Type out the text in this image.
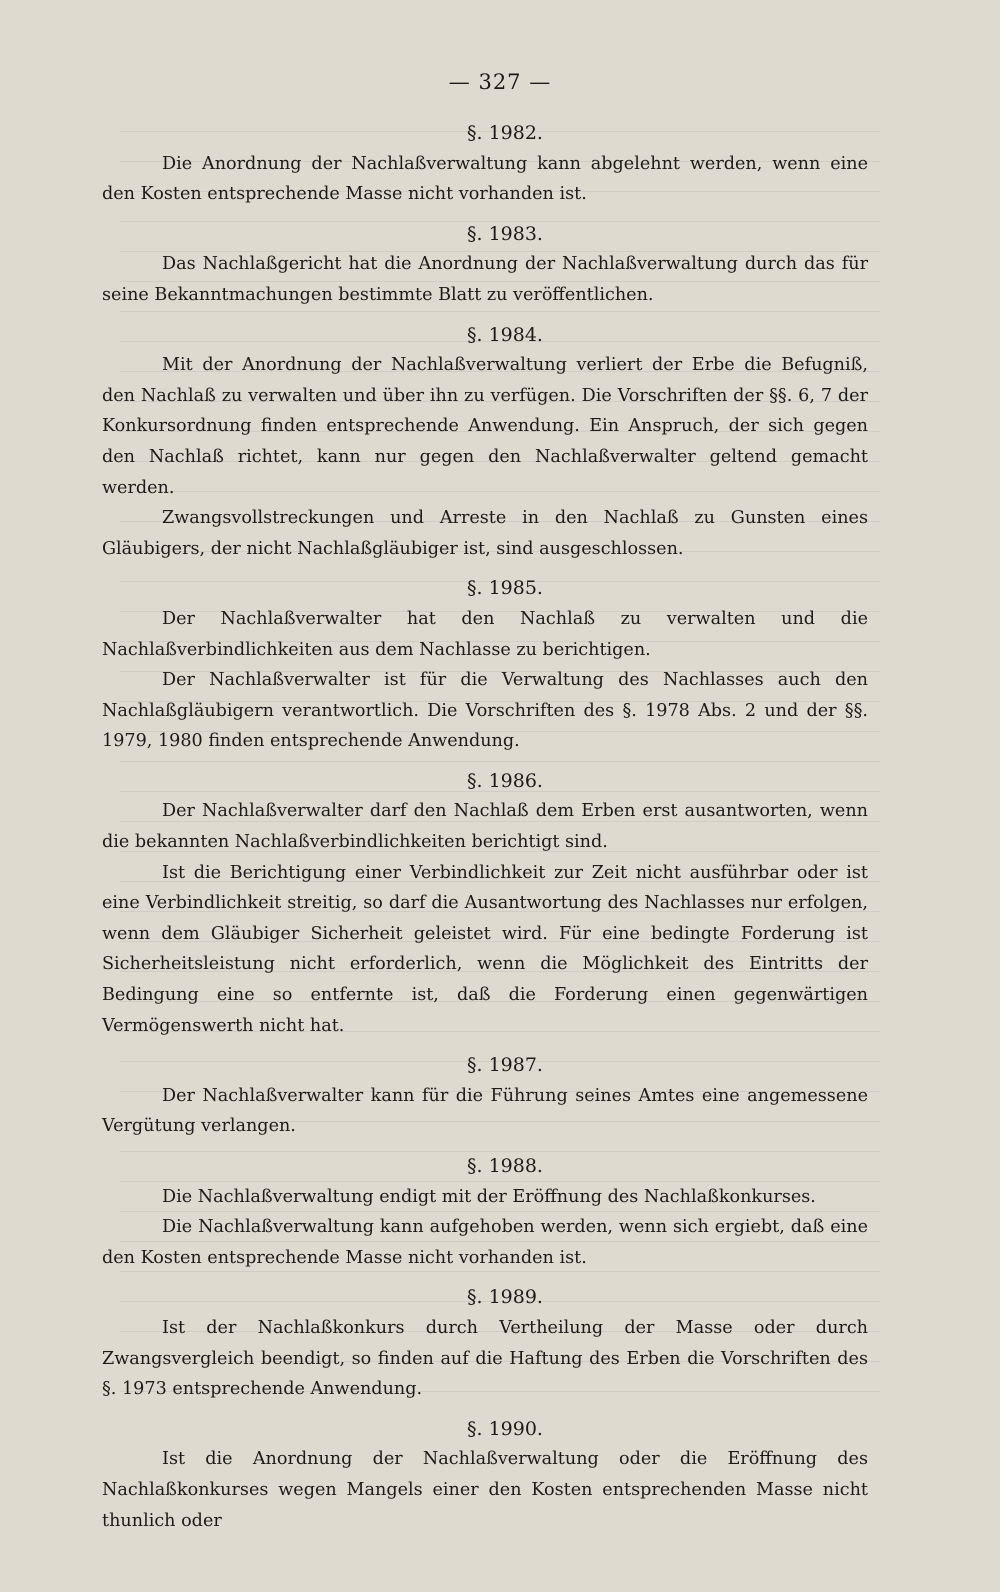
— 327 —
§. 1982.

Die Anordnung der Nachlaßverwaltung kann abgelehnt werden, wenn eine den Kosten entsprechende Masse nicht vorhanden ist.

§. 1983.

Das Nachlaßgericht hat die Anordnung der Nachlaßverwaltung durch das für seine Bekanntmachungen bestimmte Blatt zu veröffentlichen.

§. 1984.

Mit der Anordnung der Nachlaßverwaltung verliert der Erbe die Befugniß, den Nachlaß zu verwalten und über ihn zu verfügen. Die Vorschriften der §§. 6, 7 der Konkursordnung finden entsprechende Anwendung. Ein Anspruch, der sich gegen den Nachlaß richtet, kann nur gegen den Nachlaßverwalter geltend gemacht werden.

Zwangsvollstreckungen und Arreste in den Nachlaß zu Gunsten eines Gläubigers, der nicht Nachlaßgläubiger ist, sind ausgeschlossen.

§. 1985.

Der Nachlaßverwalter hat den Nachlaß zu verwalten und die Nachlaßverbindlichkeiten aus dem Nachlasse zu berichtigen.

Der Nachlaßverwalter ist für die Verwaltung des Nachlasses auch den Nachlaßgläubigern verantwortlich. Die Vorschriften des §. 1978 Abs. 2 und der §§. 1979, 1980 finden entsprechende Anwendung.

§. 1986.

Der Nachlaßverwalter darf den Nachlaß dem Erben erst ausantworten, wenn die bekannten Nachlaßverbindlichkeiten berichtigt sind.

Ist die Berichtigung einer Verbindlichkeit zur Zeit nicht ausführbar oder ist eine Verbindlichkeit streitig, so darf die Ausantwortung des Nachlasses nur erfolgen, wenn dem Gläubiger Sicherheit geleistet wird. Für eine bedingte Forderung ist Sicherheitsleistung nicht erforderlich, wenn die Möglichkeit des Eintritts der Bedingung eine so entfernte ist, daß die Forderung einen gegenwärtigen Vermögenswerth nicht hat.

§. 1987.

Der Nachlaßverwalter kann für die Führung seines Amtes eine angemessene Vergütung verlangen.

§. 1988.

Die Nachlaßverwaltung endigt mit der Eröffnung des Nachlaßkonkurses.

Die Nachlaßverwaltung kann aufgehoben werden, wenn sich ergiebt, daß eine den Kosten entsprechende Masse nicht vorhanden ist.

§. 1989.

Ist der Nachlaßkonkurs durch Vertheilung der Masse oder durch Zwangsvergleich beendigt, so finden auf die Haftung des Erben die Vorschriften des §. 1973 entsprechende Anwendung.

§. 1990.

Ist die Anordnung der Nachlaßverwaltung oder die Eröffnung des Nachlaßkonkurses wegen Mangels einer den Kosten entsprechenden Masse nicht thunlich oder
